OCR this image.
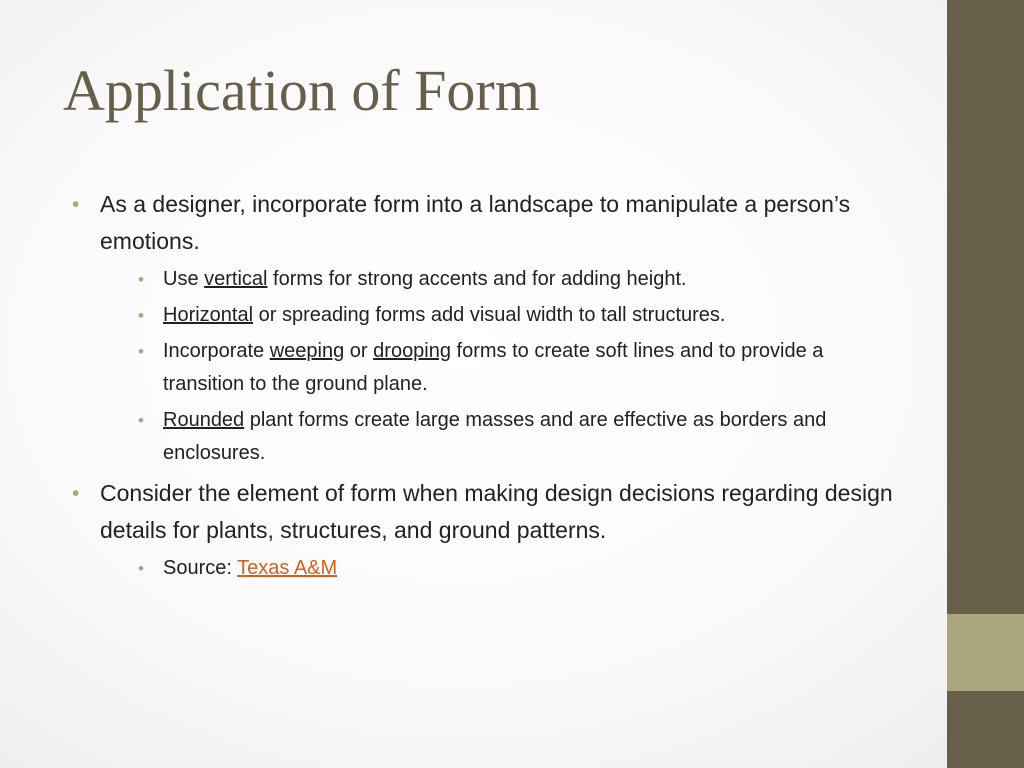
Application of Form
• As a designer, incorporate form into a landscape to manipulate a person’s emotions.
• Use vertical forms for strong accents and for adding height.
• Horizontal or spreading forms add visual width to tall structures.
• Incorporate weeping or drooping forms to create soft lines and to provide a transition to the ground plane.
• Rounded plant forms create large masses and are effective as borders and enclosures.
• Consider the element of form when making design decisions regarding design details for plants, structures, and ground patterns.
• Source: Texas A&M
